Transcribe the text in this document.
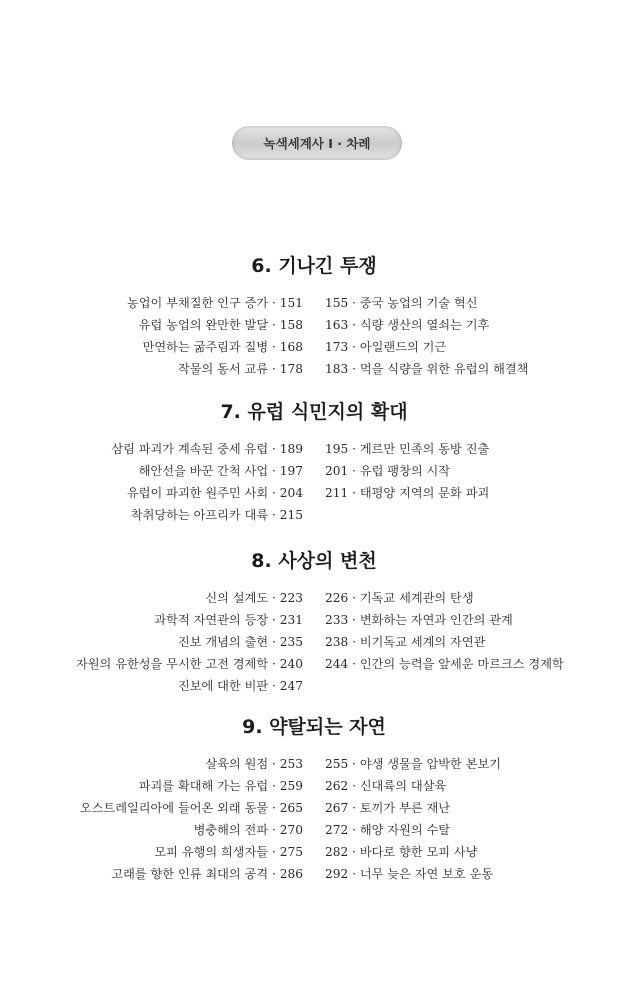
녹색세계사 Ⅰ · 차례
6. 기나긴 투쟁
농업이 부채질한 인구 증가 · 151	155 · 중국 농업의 기술 혁신
유럽 농업의 완만한 발달 · 158	163 · 식량 생산의 열쇠는 기후
만연하는 굶주림과 질병 · 168	173 · 아일랜드의 기근
작물의 동서 교류 · 178	183 · 먹을 식량을 위한 유럽의 해결책
7. 유럽 식민지의 확대
삼림 파괴가 계속된 중세 유럽 · 189	195 · 게르만 민족의 동방 진출
해안선을 바꾼 간척 사업 · 197	201 · 유럽 팽창의 시작
유럽이 파괴한 원주민 사회 · 204	211 · 태평양 지역의 문화 파괴
착취당하는 아프리카 대륙 · 215
8. 사상의 변천
신의 설계도 · 223	226 · 기독교 세계관의 탄생
과학적 자연관의 등장 · 231	233 · 변화하는 자연과 인간의 관계
진보 개념의 출현 · 235	238 · 비기독교 세계의 자연관
자원의 유한성을 무시한 고전 경제학 · 240	244 · 인간의 능력을 앞세운 마르크스 경제학
진보에 대한 비판 · 247
9. 약탈되는 자연
살육의 원점 · 253	255 · 야생 생물을 압박한 본보기
파괴를 확대해 가는 유럽 · 259	262 · 신대륙의 대살육
오스트레일리아에 들어온 외래 동물 · 265	267 · 토끼가 부른 재난
병충해의 전파 · 270	272 · 해양 자원의 수탈
모피 유행의 희생자들 · 275	282 · 바다로 향한 모피 사냥
고래를 향한 인류 최대의 공격 · 286	292 · 너무 늦은 자연 보호 운동
